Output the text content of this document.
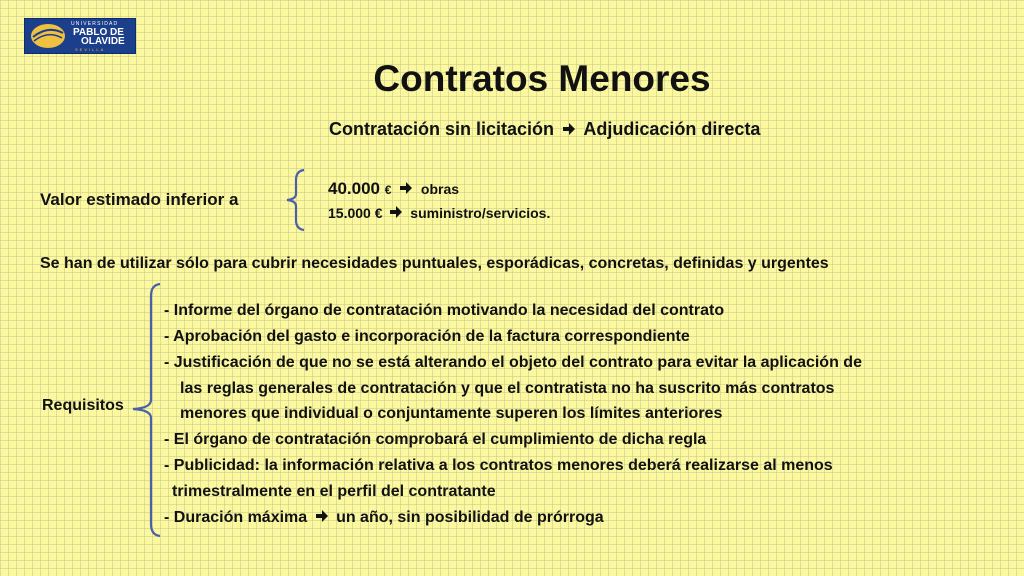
UNIVERSIDAD
PABLO DE
OLAVIDE
SEVILLA
Contratos Menores
Contratación sin licitación Adjudicación directa
Valor estimado inferior a
40.000 € obras
15.000 € suministro/servicios.
Se han de utilizar sólo para cubrir necesidades puntuales, esporádicas, concretas, definidas y urgentes
Requisitos
- Informe del órgano de contratación motivando la necesidad del contrato
- Aprobación del gasto e incorporación de la factura correspondiente
- Justificación de que no se está alterando el objeto del contrato para evitar la aplicación de
las reglas generales de contratación y que el contratista no ha suscrito más contratos
menores que individual o conjuntamente superen los límites anteriores
- El órgano de contratación comprobará el cumplimiento de dicha regla
- Publicidad: la información relativa a los contratos menores deberá realizarse al menos
trimestralmente en el perfil del contratante
- Duración máxima un año, sin posibilidad de prórroga
